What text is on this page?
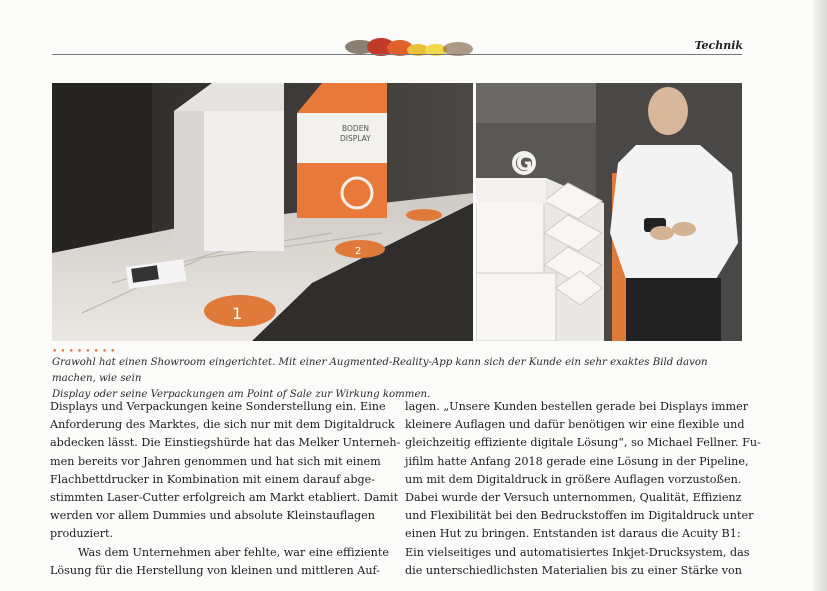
Technik
BODEN
DISPLAY
1
2
G
••••••••
Grawohl hat einen Showroom eingerichtet. Mit einer Augmented-Reality-App kann sich der Kunde ein sehr exaktes Bild davon machen, wie sein
Display oder seine Verpackungen am Point of Sale zur Wirkung kommen.

Displays und Verpackungen keine Sonderstellung ein. Eine

Anforderung des Marktes, die sich nur mit dem Digitaldruck

abdecken lässt. Die Einstiegshürde hat das Melker Unterneh-

men bereits vor Jahren genommen und hat sich mit einem

Flachbettdrucker in Kombination mit einem darauf abge-

stimmten Laser-Cutter erfolgreich am Markt etabliert. Damit

werden vor allem Dummies und absolute Kleinstauflagen

produziert.

Was dem Unternehmen aber fehlte, war eine effiziente

Lösung für die Herstellung von kleinen und mittleren Auf-

lagen. „Unsere Kunden bestellen gerade bei Displays immer

kleinere Auflagen und dafür benötigen wir eine flexible und

gleichzeitig effiziente digitale Lösung“, so Michael Fellner. Fu-

jifilm hatte Anfang 2018 gerade eine Lösung in der Pipeline,

um mit dem Digitaldruck in größere Auflagen vorzustoßen.

Dabei wurde der Versuch unternommen, Qualität, Effizienz

und Flexibilität bei den Bedruckstoffen im Digitaldruck unter

einen Hut zu bringen. Entstanden ist daraus die Acuity B1:

Ein vielseitiges und automatisiertes Inkjet-Drucksystem, das

die unterschiedlichsten Materialien bis zu einer Stärke von
